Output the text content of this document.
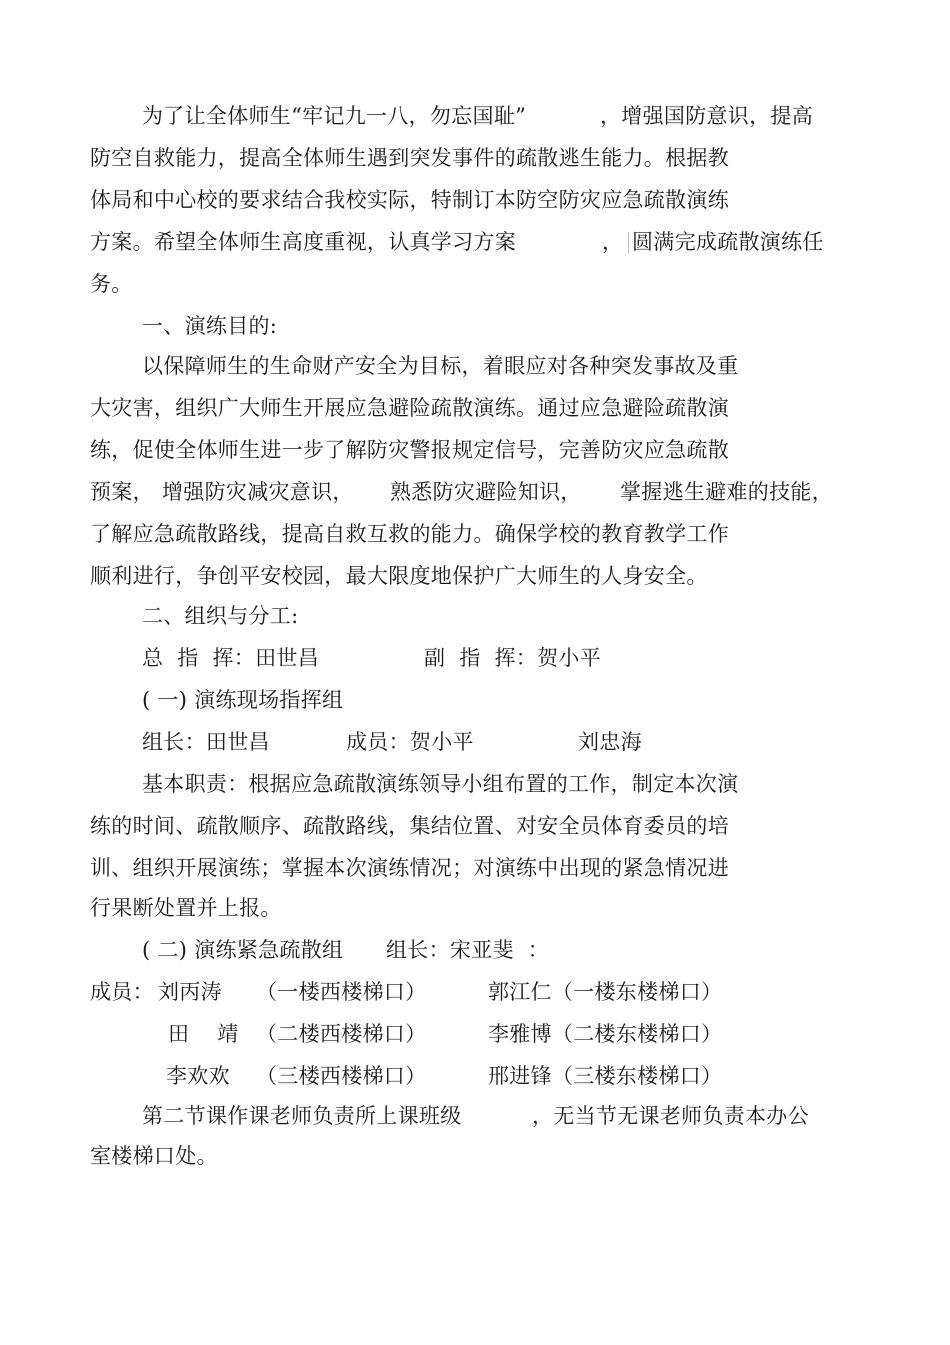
为了让全体师生“牢记九一八，勿忘国耻”	，增强国防意识，提高
防空自救能力，提高全体师生遇到突发事件的疏散逃生能力。根据教
体局和中心校的要求结合我校实际，特制订本防空防灾应急疏散演练
方案。希望全体师生高度重视，认真学习方案	， 圆满完成疏散演练任
务。
一、演练目的:
以保障师生的生命财产安全为目标，着眼应对各种突发事故及重
大灾害，组织广大师生开展应急避险疏散演练。通过应急避险疏散演
练，促使全体师生进一步了解防灾警报规定信号，完善防灾应急疏散
预案， 增强防灾减灾意识， 熟悉防灾避险知识， 掌握逃生避难的技能，
了解应急疏散路线，提高自救互救的能力。确保学校的教育教学工作
顺利进行，争创平安校园，最大限度地保护广大师生的人身安全。
二、组织与分工:
总  指  挥：田世昌	副  指  挥：贺小平
( 一) 演练现场指挥组
组长：田世昌	成员：贺小平	刘忠海
基本职责：根据应急疏散演练领导小组布置的工作，制定本次演
练的时间、疏散顺序、疏散路线，集结位置、对安全员体育委员的培
训、组织开展演练；掌握本次演练情况；对演练中出现的紧急情况进
行果断处置并上报。
( 二) 演练紧急疏散组 组长：宋亚斐  ：
成员： 刘丙涛 （一楼西楼梯口）	郭江仁（一楼东楼梯口）
田    靖 （二楼西楼梯口）	李雅博（二楼东楼梯口）
李欢欢 （三楼西楼梯口）	邢进锋（三楼东楼梯口）
第二节课作课老师负责所上课班级	，无当节无课老师负责本办公
室楼梯口处。
